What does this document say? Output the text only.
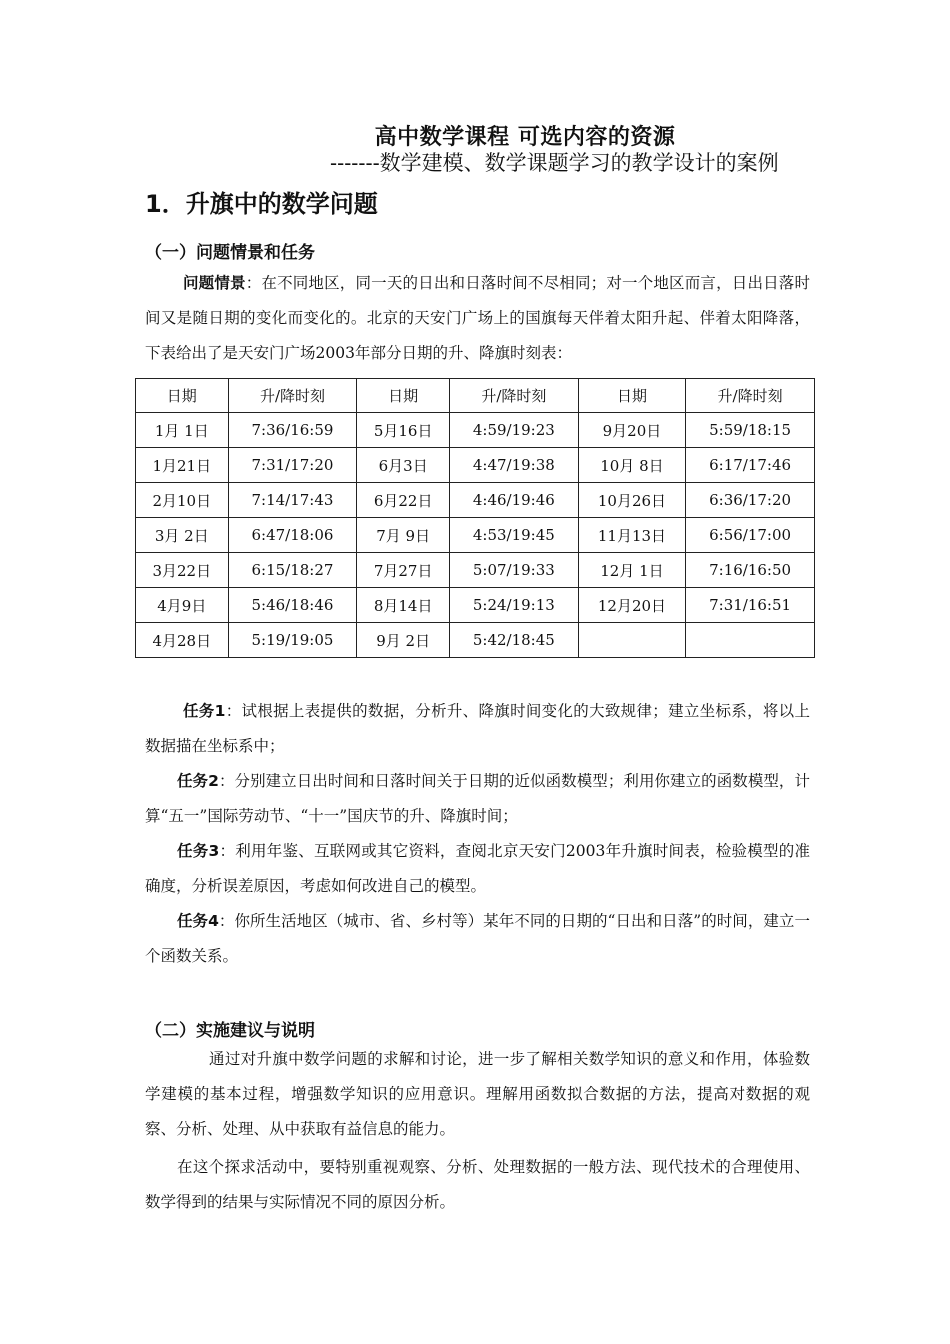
高中数学课程 可选内容的资源
-------数学建模、数学课题学习的教学设计的案例
1．升旗中的数学问题
（一）问题情景和任务

问题情景：在不同地区，同一天的日出和日落时间不尽相同；对一个地区而言，日出日落时间又是随日期的变化而变化的。北京的天安门广场上的国旗每天伴着太阳升起、伴着太阳降落，下表给出了是天安门广场2003年部分日期的升、降旗时刻表：

日期	升/降时刻	日期	升/降时刻	日期	升/降时刻
1月 1日	7:36/16:59	5月16日	4:59/19:23	9月20日	5:59/18:15
1月21日	7:31/17:20	6月3日	4:47/19:38	10月 8日	6:17/17:46
2月10日	7:14/17:43	6月22日	4:46/19:46	10月26日	6:36/17:20
3月 2日	6:47/18:06	7月 9日	4:53/19:45	11月13日	6:56/17:00
3月22日	6:15/18:27	7月27日	5:07/19:33	12月 1日	7:16/16:50
4月9日	5:46/18:46	8月14日	5:24/19:13	12月20日	7:31/16:51
4月28日	5:19/19:05	9月 2日	5:42/18:45		

任务1：试根据上表提供的数据，分析升、降旗时间变化的大致规律；建立坐标系，将以上数据描在坐标系中；

任务2：分别建立日出时间和日落时间关于日期的近似函数模型；利用你建立的函数模型，计算“五一”国际劳动节、“十一”国庆节的升、降旗时间；

任务3：利用年鉴、互联网或其它资料，查阅北京天安门2003年升旗时间表，检验模型的准确度，分析误差原因，考虑如何改进自己的模型。

任务4：你所生活地区（城市、省、乡村等）某年不同的日期的“日出和日落”的时间，建立一个函数关系。

（二）实施建议与说明

通过对升旗中数学问题的求解和讨论，进一步了解相关数学知识的意义和作用，体验数学建模的基本过程，增强数学知识的应用意识。理解用函数拟合数据的方法，提高对数据的观察、分析、处理、从中获取有益信息的能力。

在这个探求活动中，要特别重视观察、分析、处理数据的一般方法、现代技术的合理使用、数学得到的结果与实际情况不同的原因分析。
